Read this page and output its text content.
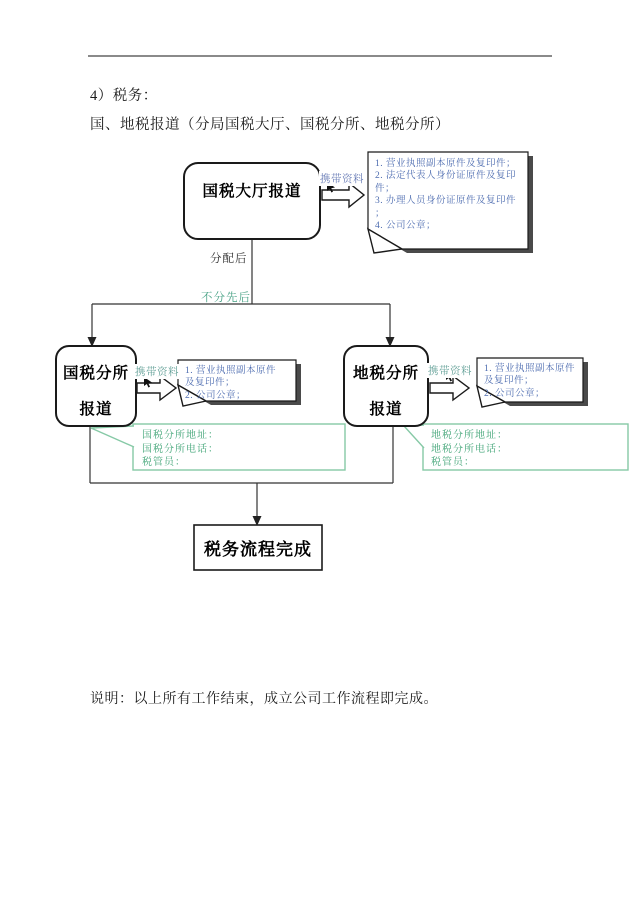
4）税务：
国、地税报道（分局国税大厅、国税分所、地税分所）
国税大厅报道
国税分所
报道
地税分所
报道
税务流程完成
分配后
不分先后
携带资料
携带资料	携带资料
1. 营业执照副本原件及复印件；
2. 法定代表人身份证原件及复印件；
3. 办理人员身份证原件及复印件；
4. 公司公章；
1. 营业执照副本原件及复印件；
2. 公司公章；
1. 营业执照副本原件及复印件；
2. 公司公章；
国税分所地址：
国税分所电话：
税管员：
地税分所地址：
地税分所电话：
税管员：
说明：以上所有工作结束，成立公司工作流程即完成。
